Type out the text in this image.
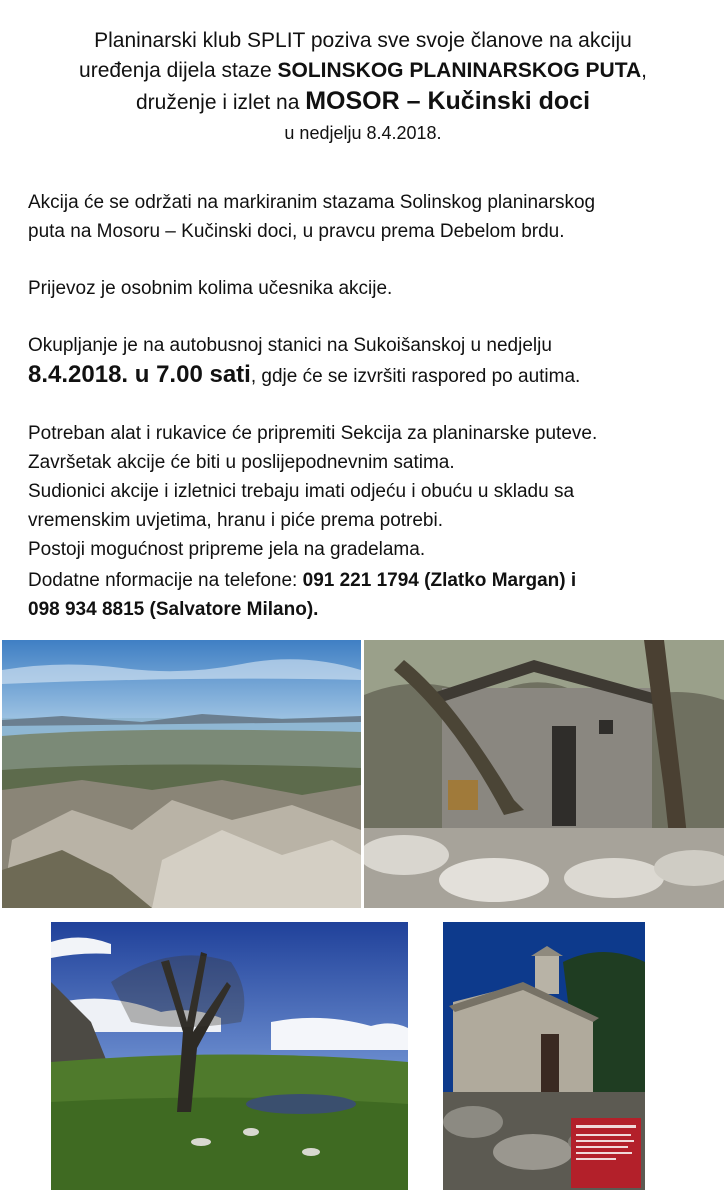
Planinarski klub SPLIT poziva sve svoje članove na akciju
uređenja dijela staze SOLINSKOG PLANINARSKOG PUTA,
druženje i izlet na MOSOR – Kučinski doci
u nedjelju 8.4.2018.

Akcija će se održati na markiranim stazama Solinskog planinarskog
puta na Mosoru – Kučinski doci, u pravcu prema Debelom brdu.

Prijevoz je osobnim kolima učesnika akcije.

Okupljanje je na autobusnoj stanici na Sukoišanskoj u nedjelju
8.4.2018. u 7.00 sati, gdje će se izvršiti raspored po autima.

Potreban alat i rukavice će pripremiti Sekcija za planinarske puteve.
Završetak akcije će biti u poslijepodnevnim satima.
Sudionici akcije i izletnici trebaju imati odjeću i obuću u skladu sa
vremenskim uvjetima, hranu i piće prema potrebi.
Postoji mogućnost pripreme jela na gradelama.

Dodatne nformacije na telefone: 091 221 1794 (Zlatko Margan) i
098 934 8815 (Salvatore Milano).
